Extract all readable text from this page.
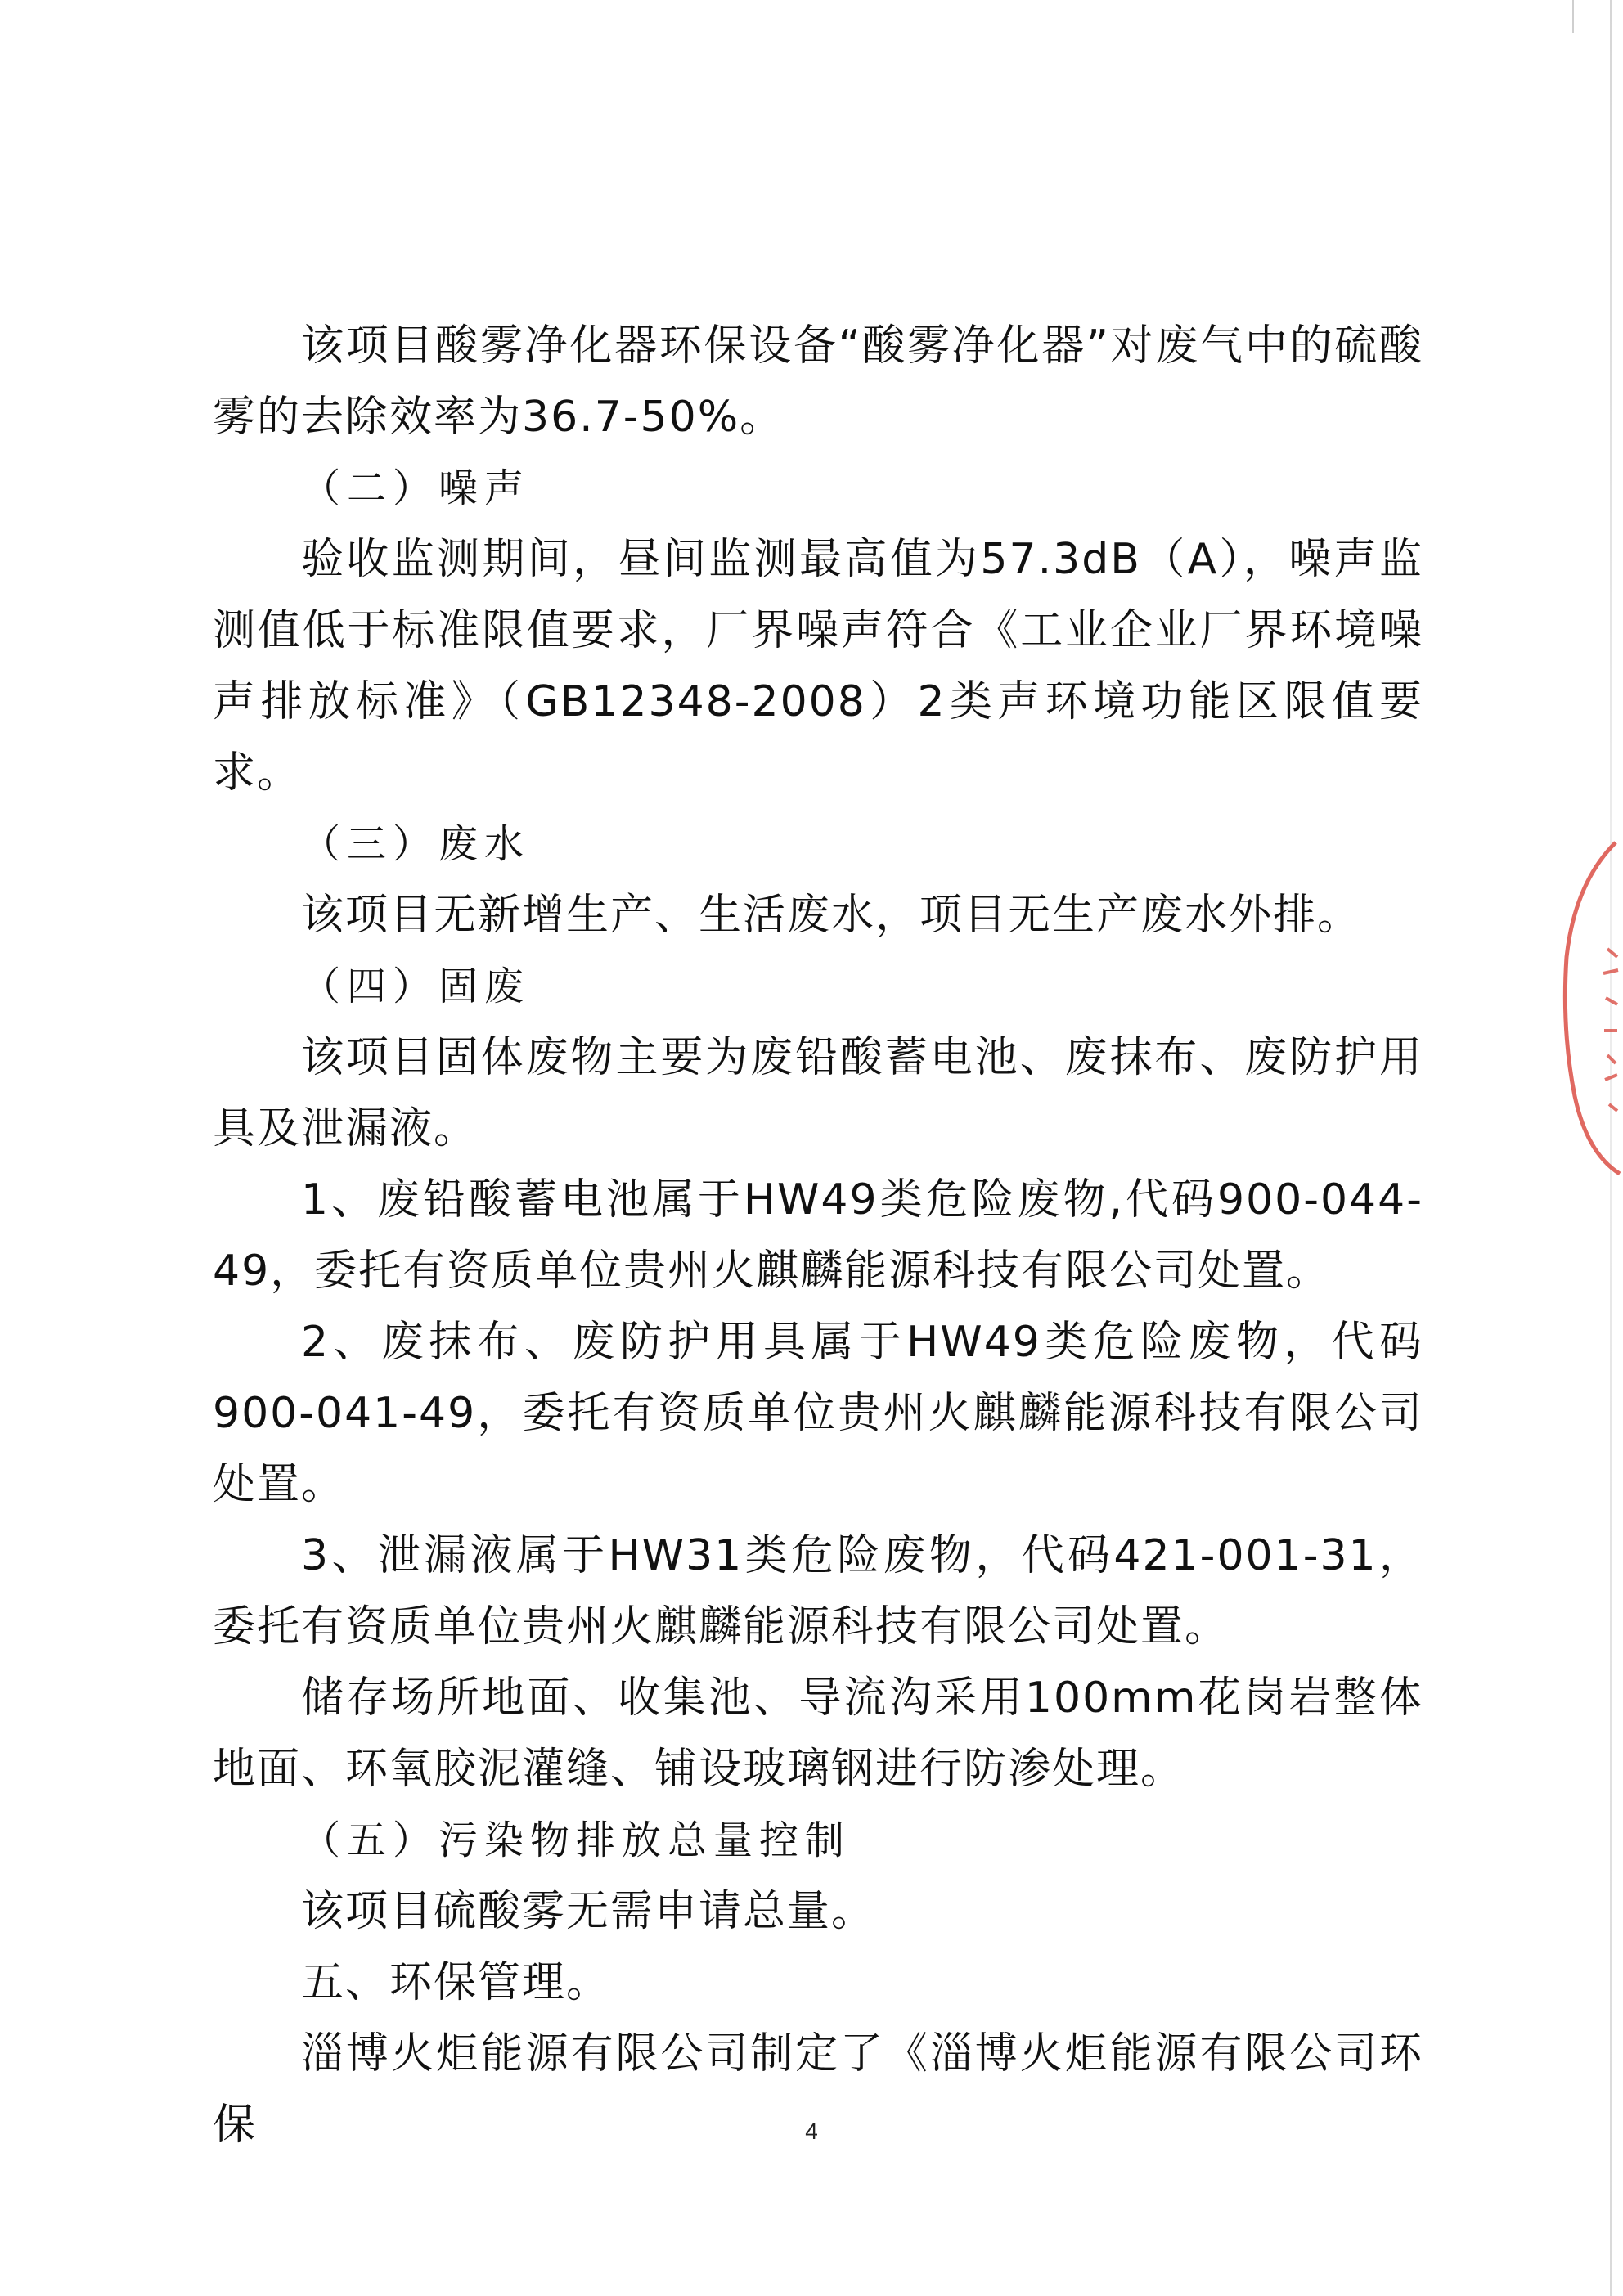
该项目酸雾净化器环保设备“酸雾净化器”对废气中的硫酸雾的去除效率为36.7-50%。

（二）噪声

验收监测期间，昼间监测最高值为57.3dB（A），噪声监测值低于标准限值要求，厂界噪声符合《工业企业厂界环境噪声排放标准》（GB12348-2008）2类声环境功能区限值要求。

（三）废水

该项目无新增生产、生活废水，项目无生产废水外排。

（四）固废

该项目固体废物主要为废铅酸蓄电池、废抹布、废防护用具及泄漏液。

1、废铅酸蓄电池属于HW49类危险废物,代码900-044-49，委托有资质单位贵州火麒麟能源科技有限公司处置。

2、废抹布、废防护用具属于HW49类危险废物，代码900-041-49，委托有资质单位贵州火麒麟能源科技有限公司处置。

3、泄漏液属于HW31类危险废物，代码421-001-31，委托有资质单位贵州火麒麟能源科技有限公司处置。

储存场所地面、收集池、导流沟采用100mm花岗岩整体地面、环氧胶泥灌缝、铺设玻璃钢进行防渗处理。

（五）污染物排放总量控制

该项目硫酸雾无需申请总量。

五、环保管理。

淄博火炬能源有限公司制定了《淄博火炬能源有限公司环保	4
